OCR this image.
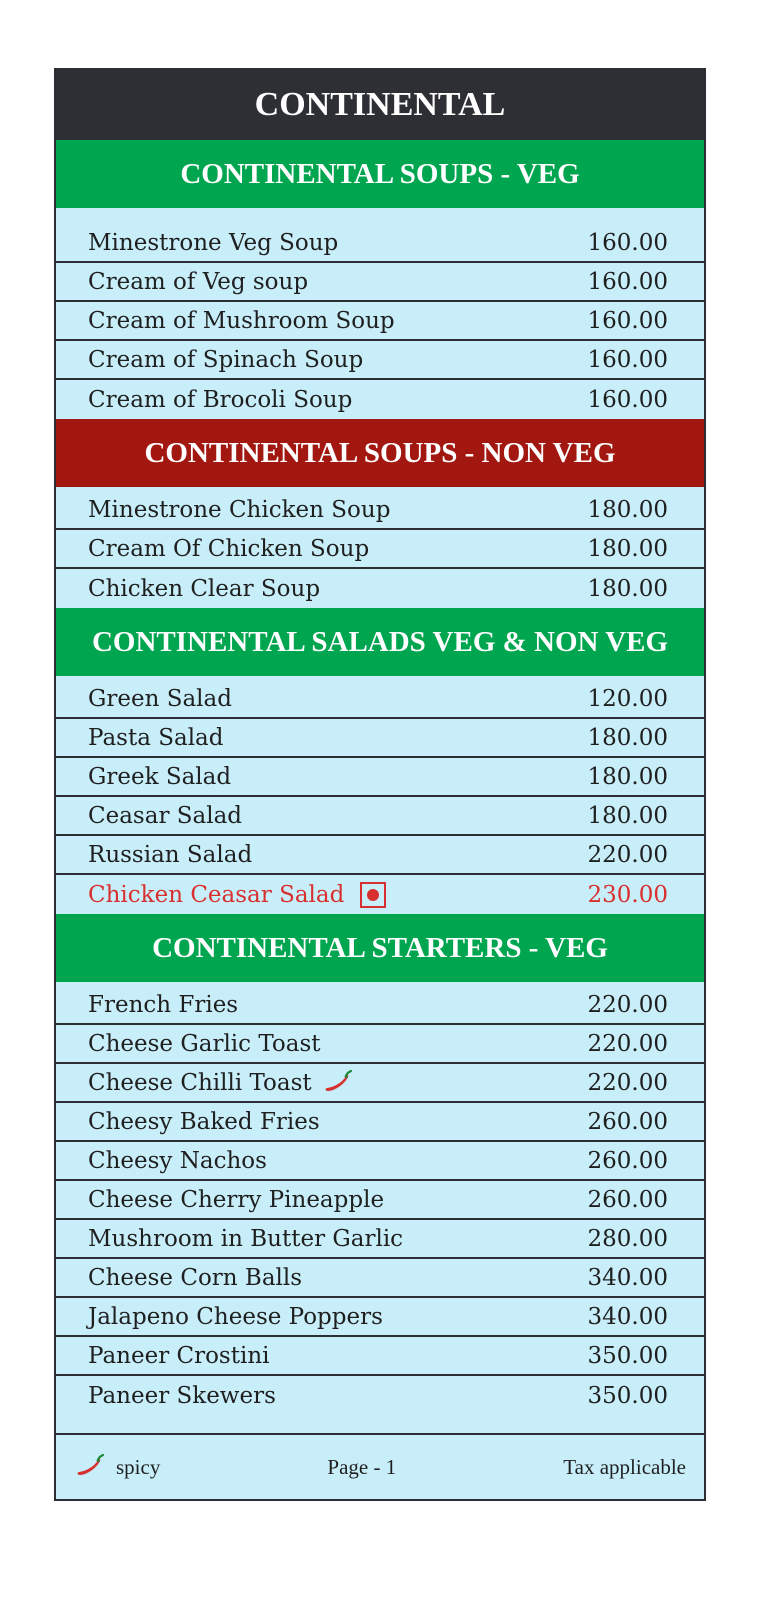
CONTINENTAL
CONTINENTAL SOUPS - VEG
Minestrone Veg Soup	160.00
Cream of Veg soup	160.00
Cream of Mushroom Soup	160.00
Cream of Spinach Soup	160.00
Cream of Brocoli Soup	160.00
CONTINENTAL SOUPS - NON VEG
Minestrone Chicken Soup	180.00
Cream Of Chicken Soup	180.00
Chicken Clear Soup	180.00
CONTINENTAL SALADS VEG & NON VEG
Green Salad	120.00
Pasta Salad	180.00
Greek Salad	180.00
Ceasar Salad	180.00
Russian Salad	220.00
Chicken Ceasar Salad	230.00
CONTINENTAL STARTERS - VEG
French Fries	220.00
Cheese Garlic Toast	220.00
Cheese Chilli Toast	220.00
Cheesy Baked Fries	260.00
Cheesy Nachos	260.00
Cheese Cherry Pineapple	260.00
Mushroom in Butter Garlic	280.00
Cheese Corn Balls	340.00
Jalapeno Cheese Poppers	340.00
Paneer Crostini	350.00
Paneer Skewers	350.00
spicy	Page - 1	Tax applicable
